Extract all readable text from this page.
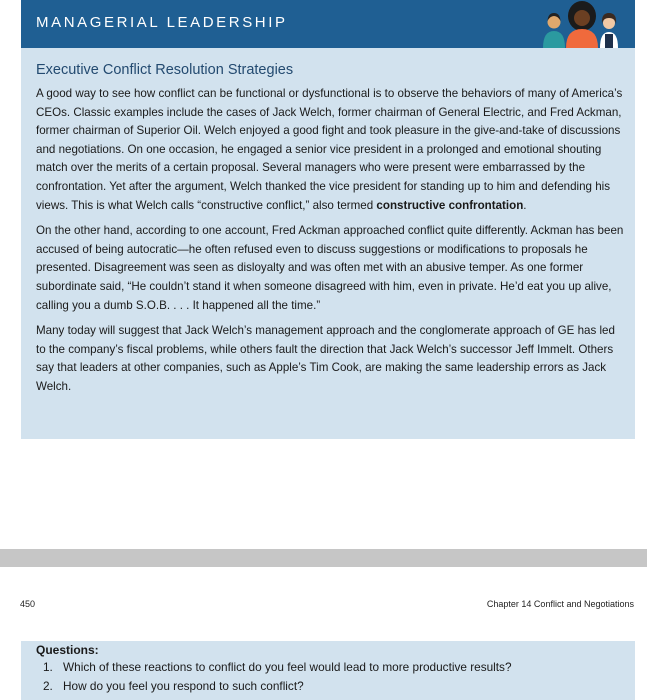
MANAGERIAL LEADERSHIP
Executive Conflict Resolution Strategies

A good way to see how conflict can be functional or dysfunctional is to observe the behaviors of many of America’s CEOs. Classic examples include the cases of Jack Welch, former chairman of General Electric, and Fred Ackman, former chairman of Superior Oil. Welch enjoyed a good fight and took pleasure in the give-and-take of discussions and negotiations. On one occasion, he engaged a senior vice president in a prolonged and emotional shouting match over the merits of a certain proposal. Several managers who were present were embarrassed by the confrontation. Yet after the argument, Welch thanked the vice president for standing up to him and defending his views. This is what Welch calls “constructive conflict,” also termed constructive confrontation.

On the other hand, according to one account, Fred Ackman approached conflict quite differently. Ackman has been accused of being autocratic—he often refused even to discuss suggestions or modifications to proposals he presented. Disagreement was seen as disloyalty and was often met with an abusive temper. As one former subordinate said, “He couldn’t stand it when someone disagreed with him, even in private. He’d eat you up alive, calling you a dumb S.O.B. . . . It happened all the time.”

Many today will suggest that Jack Welch’s management approach and the conglomerate approach of GE has led to the company’s fiscal problems, while others fault the direction that Jack Welch’s successor Jeff Immelt. Others say that leaders at other companies, such as Apple’s Tim Cook, are making the same leadership errors as Jack Welch.

450	Chapter 14 Conflict and Negotiations
Questions:
1. Which of these reactions to conflict do you feel would lead to more productive results?
2. How do you feel you respond to such conflict?
